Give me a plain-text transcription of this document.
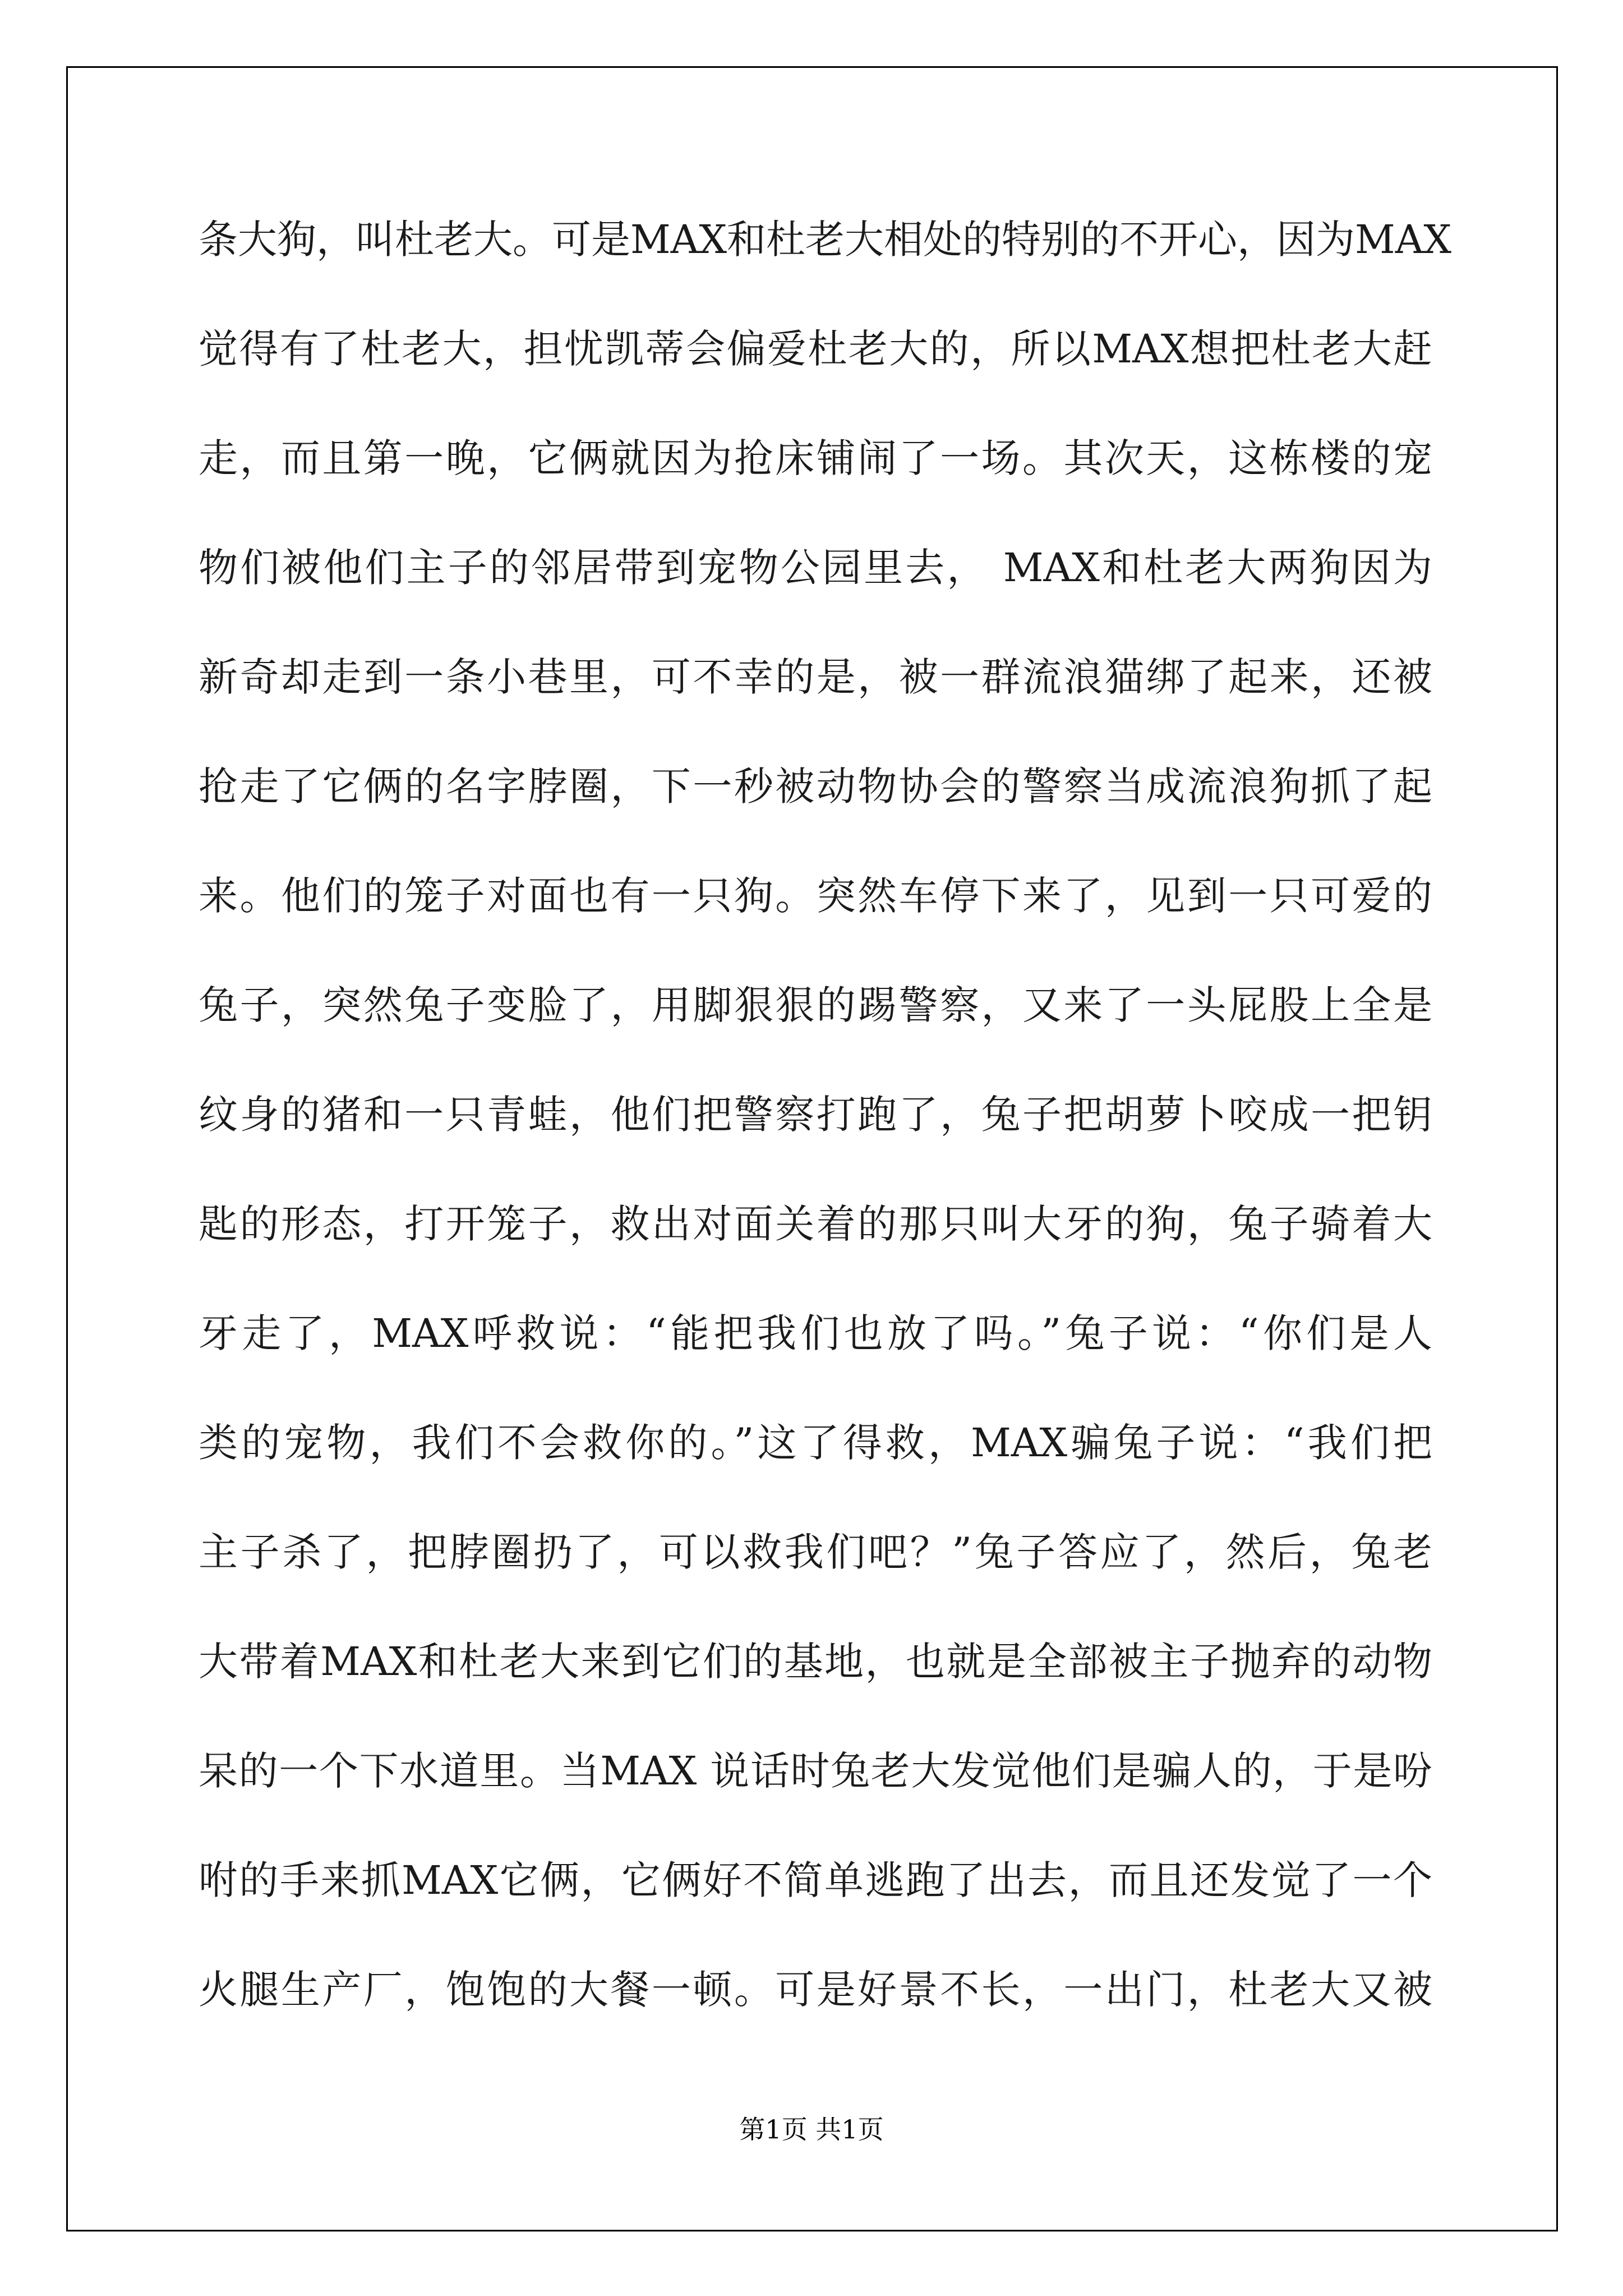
条大狗，叫杜老大。可是MAX和杜老大相处的特别的不开心，因为MAX
觉得有了杜老大，担忧凯蒂会偏爱杜老大的，所以MAX想把杜老大赶
走，而且第一晚，它俩就因为抢床铺闹了一场。其次天，这栋楼的宠
物们被他们主子的邻居带到宠物公园里去， MAX和杜老大两狗因为
新奇却走到一条小巷里，可不幸的是，被一群流浪猫绑了起来，还被
抢走了它俩的名字脖圈，下一秒被动物协会的警察当成流浪狗抓了起
来。他们的笼子对面也有一只狗。突然车停下来了，见到一只可爱的
兔子，突然兔子变脸了，用脚狠狠的踢警察，又来了一头屁股上全是
纹身的猪和一只青蛙，他们把警察打跑了，兔子把胡萝卜咬成一把钥
匙的形态，打开笼子，救出对面关着的那只叫大牙的狗，兔子骑着大
牙走了，MAX呼救说：“能把我们也放了吗。”兔子说：“你们是人
类的宠物，我们不会救你的。”这了得救，MAX骗兔子说：“我们把
主子杀了，把脖圈扔了，可以救我们吧？”兔子答应了，然后，兔老
大带着MAX和杜老大来到它们的基地，也就是全部被主子抛弃的动物
呆的一个下水道里。当MAX 说话时兔老大发觉他们是骗人的，于是吩
咐的手来抓MAX它俩，它俩好不简单逃跑了出去，而且还发觉了一个
火腿生产厂，饱饱的大餐一顿。可是好景不长，一出门，杜老大又被
第1页 共1页
